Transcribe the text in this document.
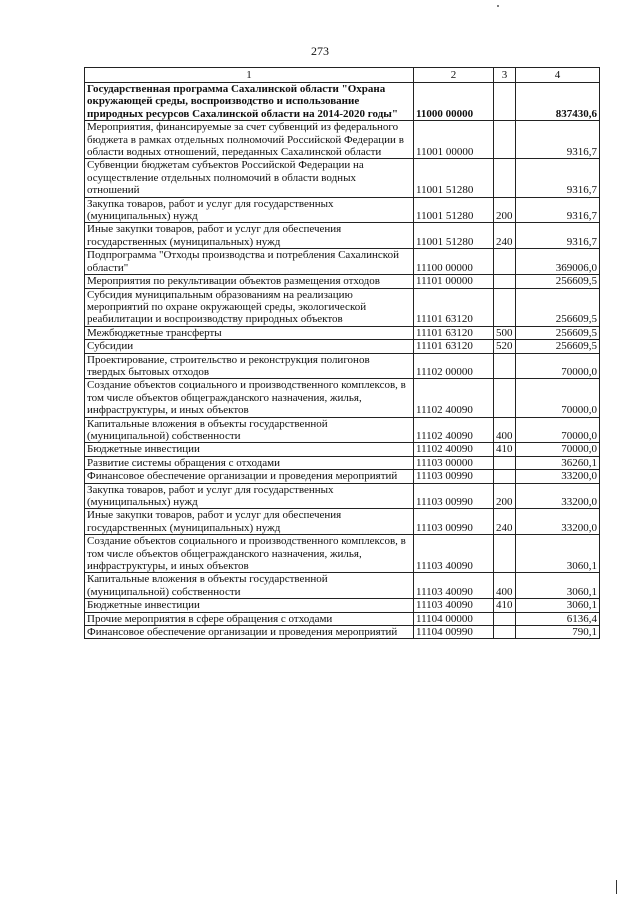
273
1	2	3	4
Государственная программа Сахалинской области "Охрана окружающей среды, воспроизводство и использование природных ресурсов Сахалинской области на 2014-2020 годы"	11000 00000		837430,6
Мероприятия, финансируемые за счет субвенций из федерального бюджета в рамках отдельных полномочий Российской Федерации в области водных отношений, переданных Сахалинской области	11001 00000		9316,7
Субвенции бюджетам субъектов Российской Федерации на осуществление отдельных полномочий в области водных отношений	11001 51280		9316,7
Закупка товаров, работ и услуг для государственных (муниципальных) нужд	11001 51280	200	9316,7
Иные закупки товаров, работ и услуг для обеспечения государственных (муниципальных) нужд	11001 51280	240	9316,7
Подпрограмма "Отходы производства и потребления Сахалинской области"	11100 00000		369006,0
Мероприятия по рекультивации объектов размещения отходов	11101 00000		256609,5
Субсидия муниципальным образованиям на реализацию мероприятий по охране окружающей среды, экологической реабилитации и воспроизводству природных объектов	11101 63120		256609,5
Межбюджетные трансферты	11101 63120	500	256609,5
Субсидии	11101 63120	520	256609,5
Проектирование, строительство и реконструкция полигонов твердых бытовых отходов	11102 00000		70000,0
Создание объектов социального и производственного комплексов, в том числе объектов общегражданского назначения, жилья, инфраструктуры, и иных объектов	11102 40090		70000,0
Капитальные вложения в объекты государственной (муниципальной) собственности	11102 40090	400	70000,0
Бюджетные инвестиции	11102 40090	410	70000,0
Развитие системы обращения с отходами	11103 00000		36260,1
Финансовое обеспечение организации и проведения мероприятий	11103 00990		33200,0
Закупка товаров, работ и услуг для государственных (муниципальных) нужд	11103 00990	200	33200,0
Иные закупки товаров, работ и услуг для обеспечения государственных (муниципальных) нужд	11103 00990	240	33200,0
Создание объектов социального и производственного комплексов, в том числе объектов общегражданского назначения, жилья, инфраструктуры, и иных объектов	11103 40090		3060,1
Капитальные вложения в объекты государственной (муниципальной) собственности	11103 40090	400	3060,1
Бюджетные инвестиции	11103 40090	410	3060,1
Прочие мероприятия в сфере обращения с отходами	11104 00000		6136,4
Финансовое обеспечение организации и проведения мероприятий	11104 00990		790,1
